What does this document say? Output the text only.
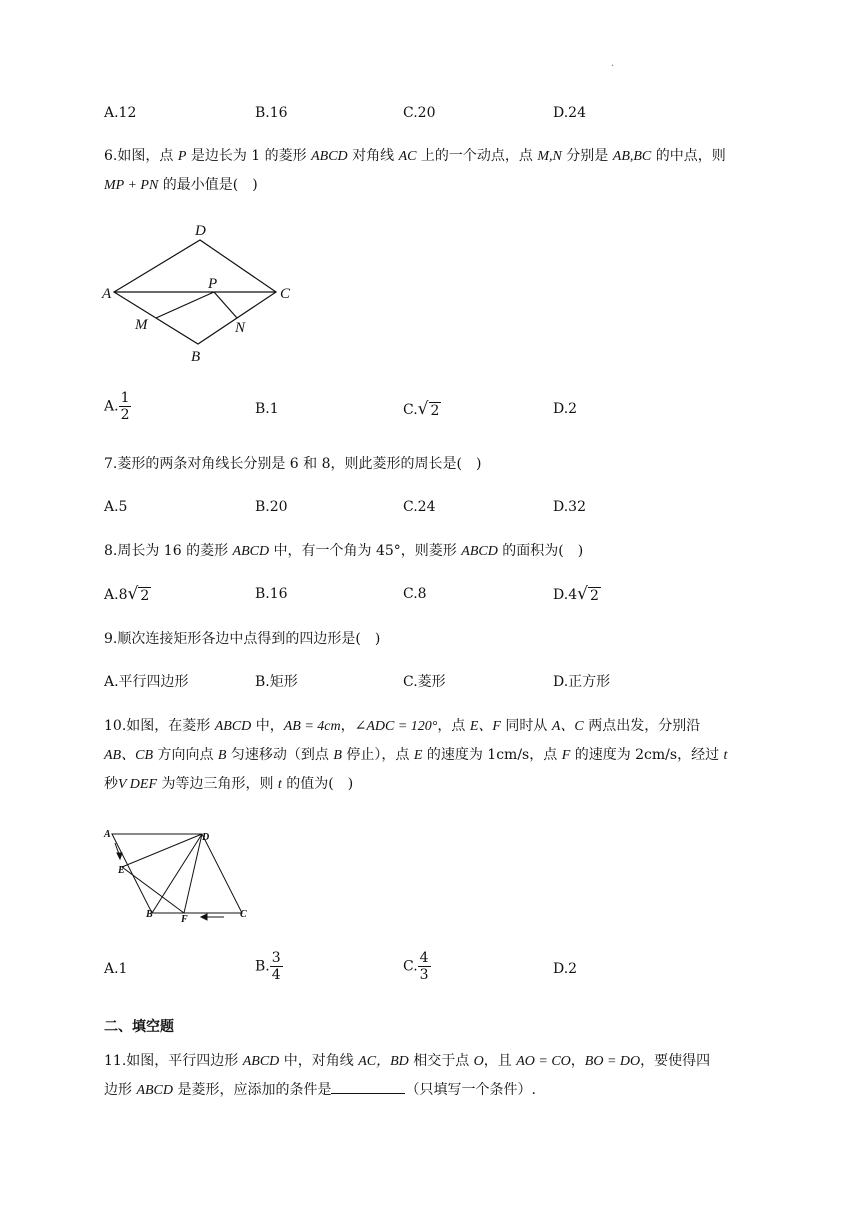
.
A.12	B.16	C.20	D.24
6.如图，点 P 是边长为 1 的菱形 ABCD 对角线 AC 上的一个动点，点 M,N 分别是 AB,BC 的中点，则
MP + PN 的最小值是(　)
D
A
P
C
M	N
B
A. $\frac{1}{2}$	B.1	C. √ 2	D.2
7.菱形的两条对角线长分别是 6 和 8，则此菱形的周长是(　)
A.5	B.20	C.24	D.32
8.周长为 16 的菱形 ABCD 中，有一个角为 45°，则菱形 ABCD 的面积为(　)
A.8 √ 2	B.16	C.8	D.4 √ 2
9.顺次连接矩形各边中点得到的四边形是(　)
A.平行四边形	B.矩形	C.菱形	D.正方形
10.如图，在菱形 ABCD 中，AB = 4cm，∠ADC = 120°，点 E、F 同时从 A、C 两点出发，分别沿
AB、CB 方向向点 B 匀速移动（到点 B 停止），点 E 的速度为 1cm/s，点 F 的速度为 2cm/s，经过 t
秒V DEF 为等边三角形，则 t 的值为(　)
A	D
E
B	F	C
A.1	B. $\frac{3}{4}$	C. $\frac{4}{3}$	D.2
二、填空题
11.如图，平行四边形 ABCD 中，对角线 AC，BD 相交于点 O，且 AO = CO，BO = DO，要使得四
边形 ABCD 是菱形，应添加的条件是	（只填写一个条件）.
